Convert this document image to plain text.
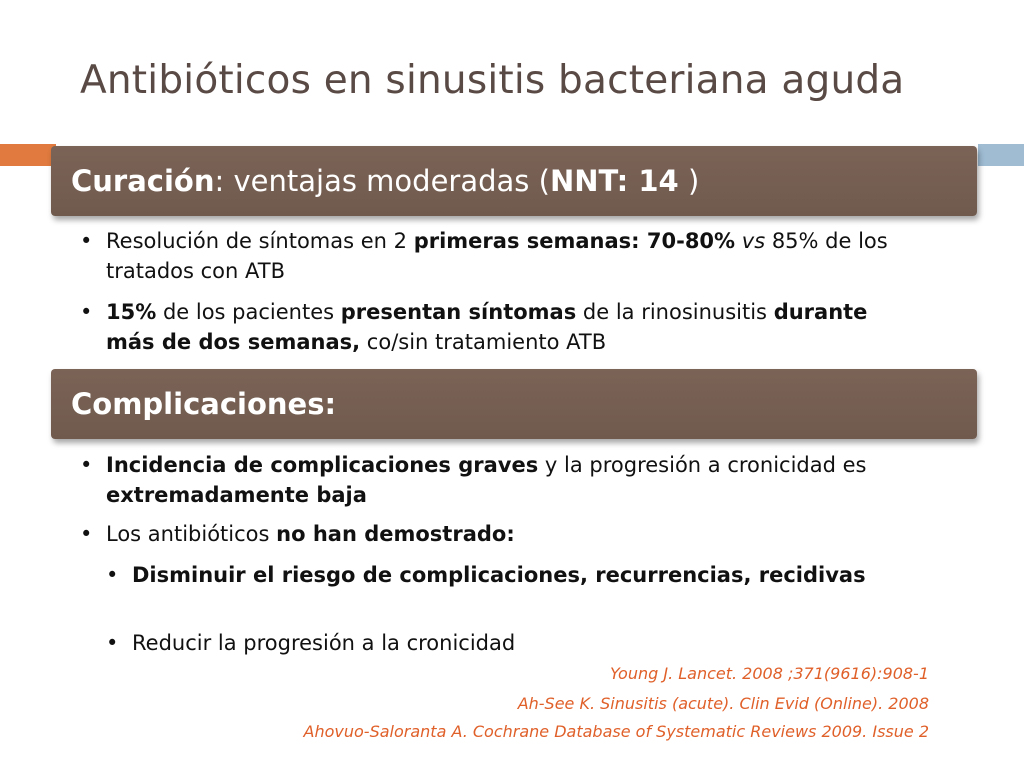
Antibióticos en sinusitis bacteriana aguda
Curación: ventajas moderadas (NNT: 14 )
• Resolución de síntomas en 2 primeras semanas: 70-80% vs 85% de los tratados con ATB
• 15% de los pacientes presentan síntomas de la rinosinusitis durante más de dos semanas, co/sin tratamiento ATB
Complicaciones:
• Incidencia de complicaciones graves y la progresión a cronicidad es extremadamente baja
• Los antibióticos no han demostrado:
• Disminuir el riesgo de complicaciones, recurrencias, recidivas
• Reducir la progresión a la cronicidad
Young J. Lancet. 2008 ;371(9616):908-1
Ah-See K. Sinusitis (acute). Clin Evid (Online). 2008
Ahovuo-Saloranta A. Cochrane Database of Systematic Reviews 2009. Issue 2
